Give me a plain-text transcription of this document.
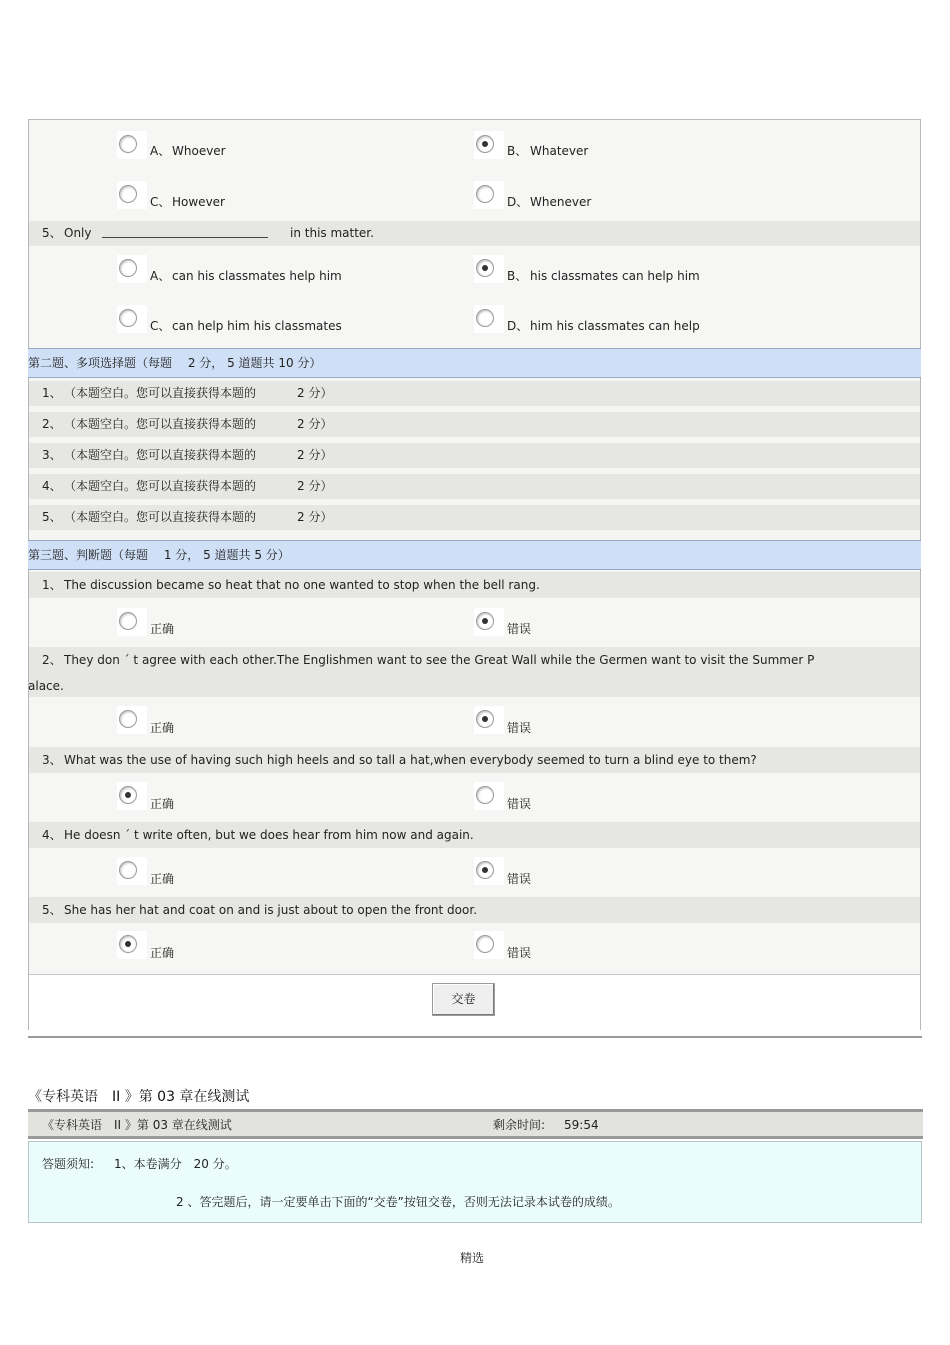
A、 Whoever	B、 Whatever
C、 However	D、 Whenever
5、 Only	in this matter.
A、 can his classmates help him	B、 his classmates can help him
C、 can help him his classmates	D、 him his classmates can help
第二题、多项选择题（每题　 2 分， 5 道题共 10 分）
1、 （本题空白。您可以直接获得本题的	2 分）
2、 （本题空白。您可以直接获得本题的	2 分）
3、 （本题空白。您可以直接获得本题的	2 分）
4、 （本题空白。您可以直接获得本题的	2 分）
5、 （本题空白。您可以直接获得本题的	2 分）
第三题、判断题（每题　 1 分， 5 道题共 5 分）
1、 The discussion became so heat that no one wanted to stop when the bell rang.
正确	错误
2、 They don ˊ t agree with each other.The Englishmen want to see the Great Wall while the Germen want to visit the Summer P
alace.
正确	错误
3、 What was the use of having such high heels and so tall a hat,when everybody seemed to turn a blind eye to them?
正确	错误
4、 He doesn ˊ t write often, but we does hear from him now and again.
正确	错误
5、 She has her hat and coat on and is just about to open the front door.
正确	错误
交卷
《专科英语　II 》第 03 章在线测试
《专科英语　II 》第 03 章在线测试	剩余时间: 59:54
答题须知: 1、本卷满分　20 分。
2 、答完题后，请一定要单击下面的“交卷”按钮交卷，否则无法记录本试卷的成绩。
精选
